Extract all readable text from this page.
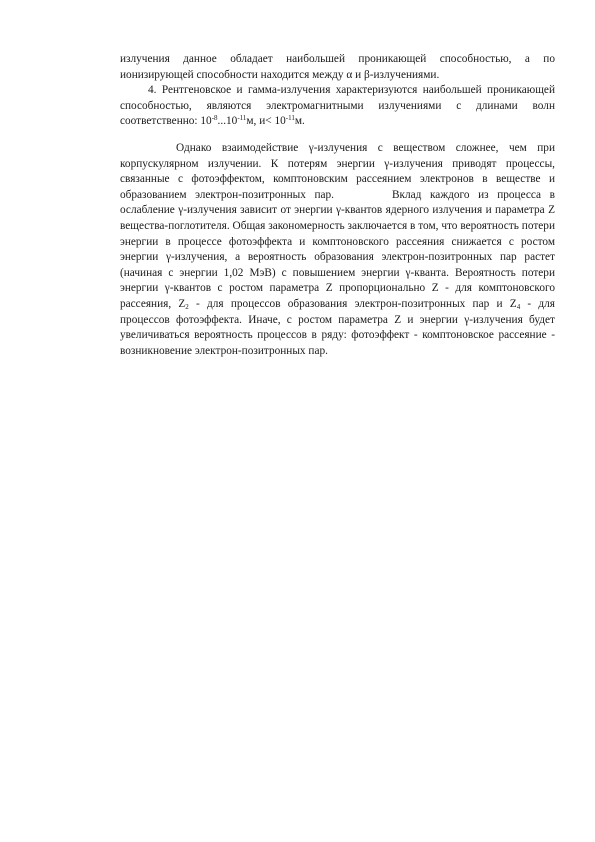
излучения данное обладает наибольшей проникающей способностью, а по ионизирующей способности находится между α и β-излучениями.

4. Рентгеновское и гамма-излучения характеризуются наибольшей проникающей способностью, являются электромагнитными излучениями с длинами волн соответственно: $10^{-8}...10^{-11}м$, $и< 10^{-11}м$.

Однако взаимодействие γ-излучения с веществом сложнее, чем при корпускулярном излучении. К потерям энергии γ-излучения приводят процессы, связанные с фотоэффектом, комптоновским рассеянием электронов в веществе и образованием электрон-позитронных пар.	Вклад каждого из процесса в ослабление γ-излучения зависит от энергии γ-квантов ядерного излучения и параметра Z вещества-поглотителя. Общая закономерность заключается в том, что вероятность потери энергии в процессе фотоэффекта и комптоновского рассеяния снижается с ростом энергии γ-излучения, а вероятность образования электрон-позитронных пар растет (начиная с энергии 1,02 МэВ) с повышением энергии γ-кванта. Вероятность потери энергии γ-квантов с ростом параметра Z пропорционально Z - для комптоновского рассеяния, $Z_2$ - для процессов образования электрон-позитронных пар и $Z_4$ - для процессов фотоэффекта. Иначе, с ростом параметра Z и энергии γ-излучения будет увеличиваться вероятность процессов в ряду: фотоэффект - комптоновское рассеяние - возникновение электрон-позитронных пар.
